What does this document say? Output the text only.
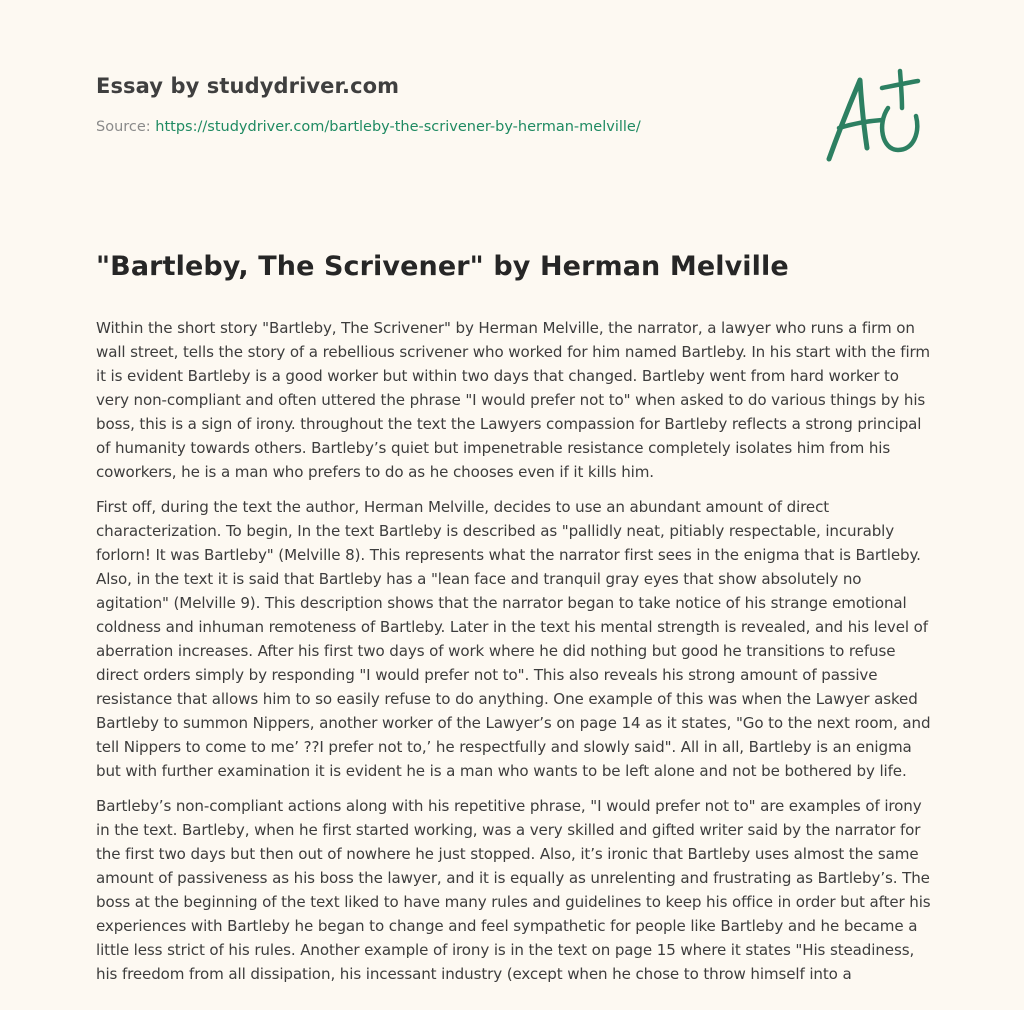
Essay by studydriver.com
Source: https://studydriver.com/bartleby-the-scrivener-by-herman-melville/
"Bartleby, The Scrivener" by Herman Melville

Within the short story "Bartleby, The Scrivener" by Herman Melville, the narrator, a lawyer who runs a firm on wall street, tells the story of a rebellious scrivener who worked for him named Bartleby. In his start with the firm it is evident Bartleby is a good worker but within two days that changed. Bartleby went from hard worker to very non-compliant and often uttered the phrase "I would prefer not to" when asked to do various things by his boss, this is a sign of irony. throughout the text the Lawyers compassion for Bartleby reflects a strong principal of humanity towards others. Bartleby’s quiet but impenetrable resistance completely isolates him from his coworkers, he is a man who prefers to do as he chooses even if it kills him.

First off, during the text the author, Herman Melville, decides to use an abundant amount of direct characterization. To begin, In the text Bartleby is described as "pallidly neat, pitiably respectable, incurably forlorn! It was Bartleby" (Melville 8). This represents what the narrator first sees in the enigma that is Bartleby. Also, in the text it is said that Bartleby has a "lean face and tranquil gray eyes that show absolutely no agitation" (Melville 9). This description shows that the narrator began to take notice of his strange emotional coldness and inhuman remoteness of Bartleby. Later in the text his mental strength is revealed, and his level of aberration increases. After his first two days of work where he did nothing but good he transitions to refuse direct orders simply by responding "I would prefer not to". This also reveals his strong amount of passive resistance that allows him to so easily refuse to do anything. One example of this was when the Lawyer asked Bartleby to summon Nippers, another worker of the Lawyer’s on page 14 as it states, "Go to the next room, and tell Nippers to come to me’ ??I prefer not to,’ he respectfully and slowly said". All in all, Bartleby is an enigma but with further examination it is evident he is a man who wants to be left alone and not be bothered by life.

Bartleby’s non-compliant actions along with his repetitive phrase, "I would prefer not to" are examples of irony in the text. Bartleby, when he first started working, was a very skilled and gifted writer said by the narrator for the first two days but then out of nowhere he just stopped. Also, it’s ironic that Bartleby uses almost the same amount of passiveness as his boss the lawyer, and it is equally as unrelenting and frustrating as Bartleby’s. The boss at the beginning of the text liked to have many rules and guidelines to keep his office in order but after his experiences with Bartleby he began to change and feel sympathetic for people like Bartleby and he became a little less strict of his rules. Another example of irony is in the text on page 15 where it states "His steadiness, his freedom from all dissipation, his incessant industry (except when he chose to throw himself into a
